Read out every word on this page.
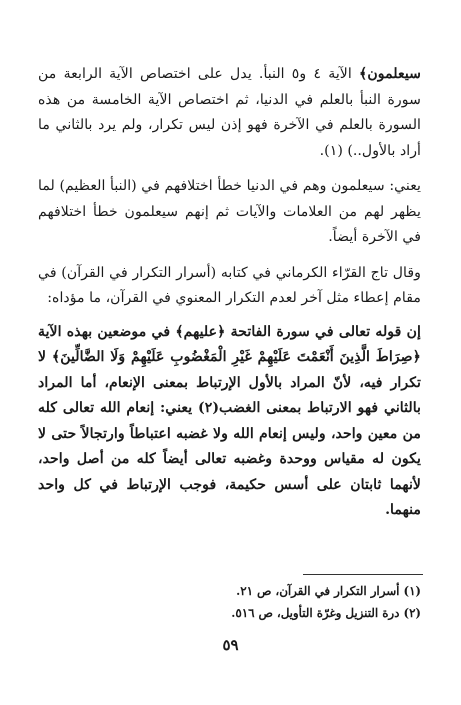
سيعلمون﴾ الآية ٤ و٥ النبأ. يدل على اختصاص الآية الرابعة من سورة النبأ بالعلم في الدنيا، ثم اختصاص الآية الخامسة من هذه السورة بالعلم في الآخرة فهو إذن ليس تكرار، ولم يرد بالثاني ما أراد بالأول..) (١).

يعني: سيعلمون وهم في الدنيا خطأ اختلافهم في (النبأ العظيم) لما يظهر لهم من العلامات والآيات ثم إنهم سيعلمون خطأ اختلافهم في الآخرة أيضاً.

وقال تاج القرّاء الكرماني في كتابه (أسرار التكرار في القرآن) في مقام إعطاء مثل آخر لعدم التكرار المعنوي في القرآن، ما مؤداه:

إن قوله تعالى في سورة الفاتحة ﴿عليهم﴾ في موضعين بهذه الآية ﴿صِرَاطَ الَّذِينَ أَنْعَمْتَ عَلَيْهِمْ غَيْرِ الْمَغْضُوبِ عَلَيْهِمْ وَلَا الضَّالِّينَ﴾ لا تكرار فيه، لأنّ المراد بالأول الإرتباط بمعنى الإنعام، أما المراد بالثاني فهو الارتباط بمعنى الغضب(٢) يعني: إنعام الله تعالى كله من معين واحد، وليس إنعام الله ولا غضبه اعتباطاً وارتجالاً حتى لا يكون له مقياس ووحدة وغضبه تعالى أيضاً كله من أصل واحد، لأنهما ثابتان على أسس حكيمة، فوجب الإرتباط في كل واحد منهما.

(١) أسرار التكرار في القرآن، ص ٢١.
(٢) درة التنزيل وغرّة التأويل، ص ٥١٦.
٥٩
